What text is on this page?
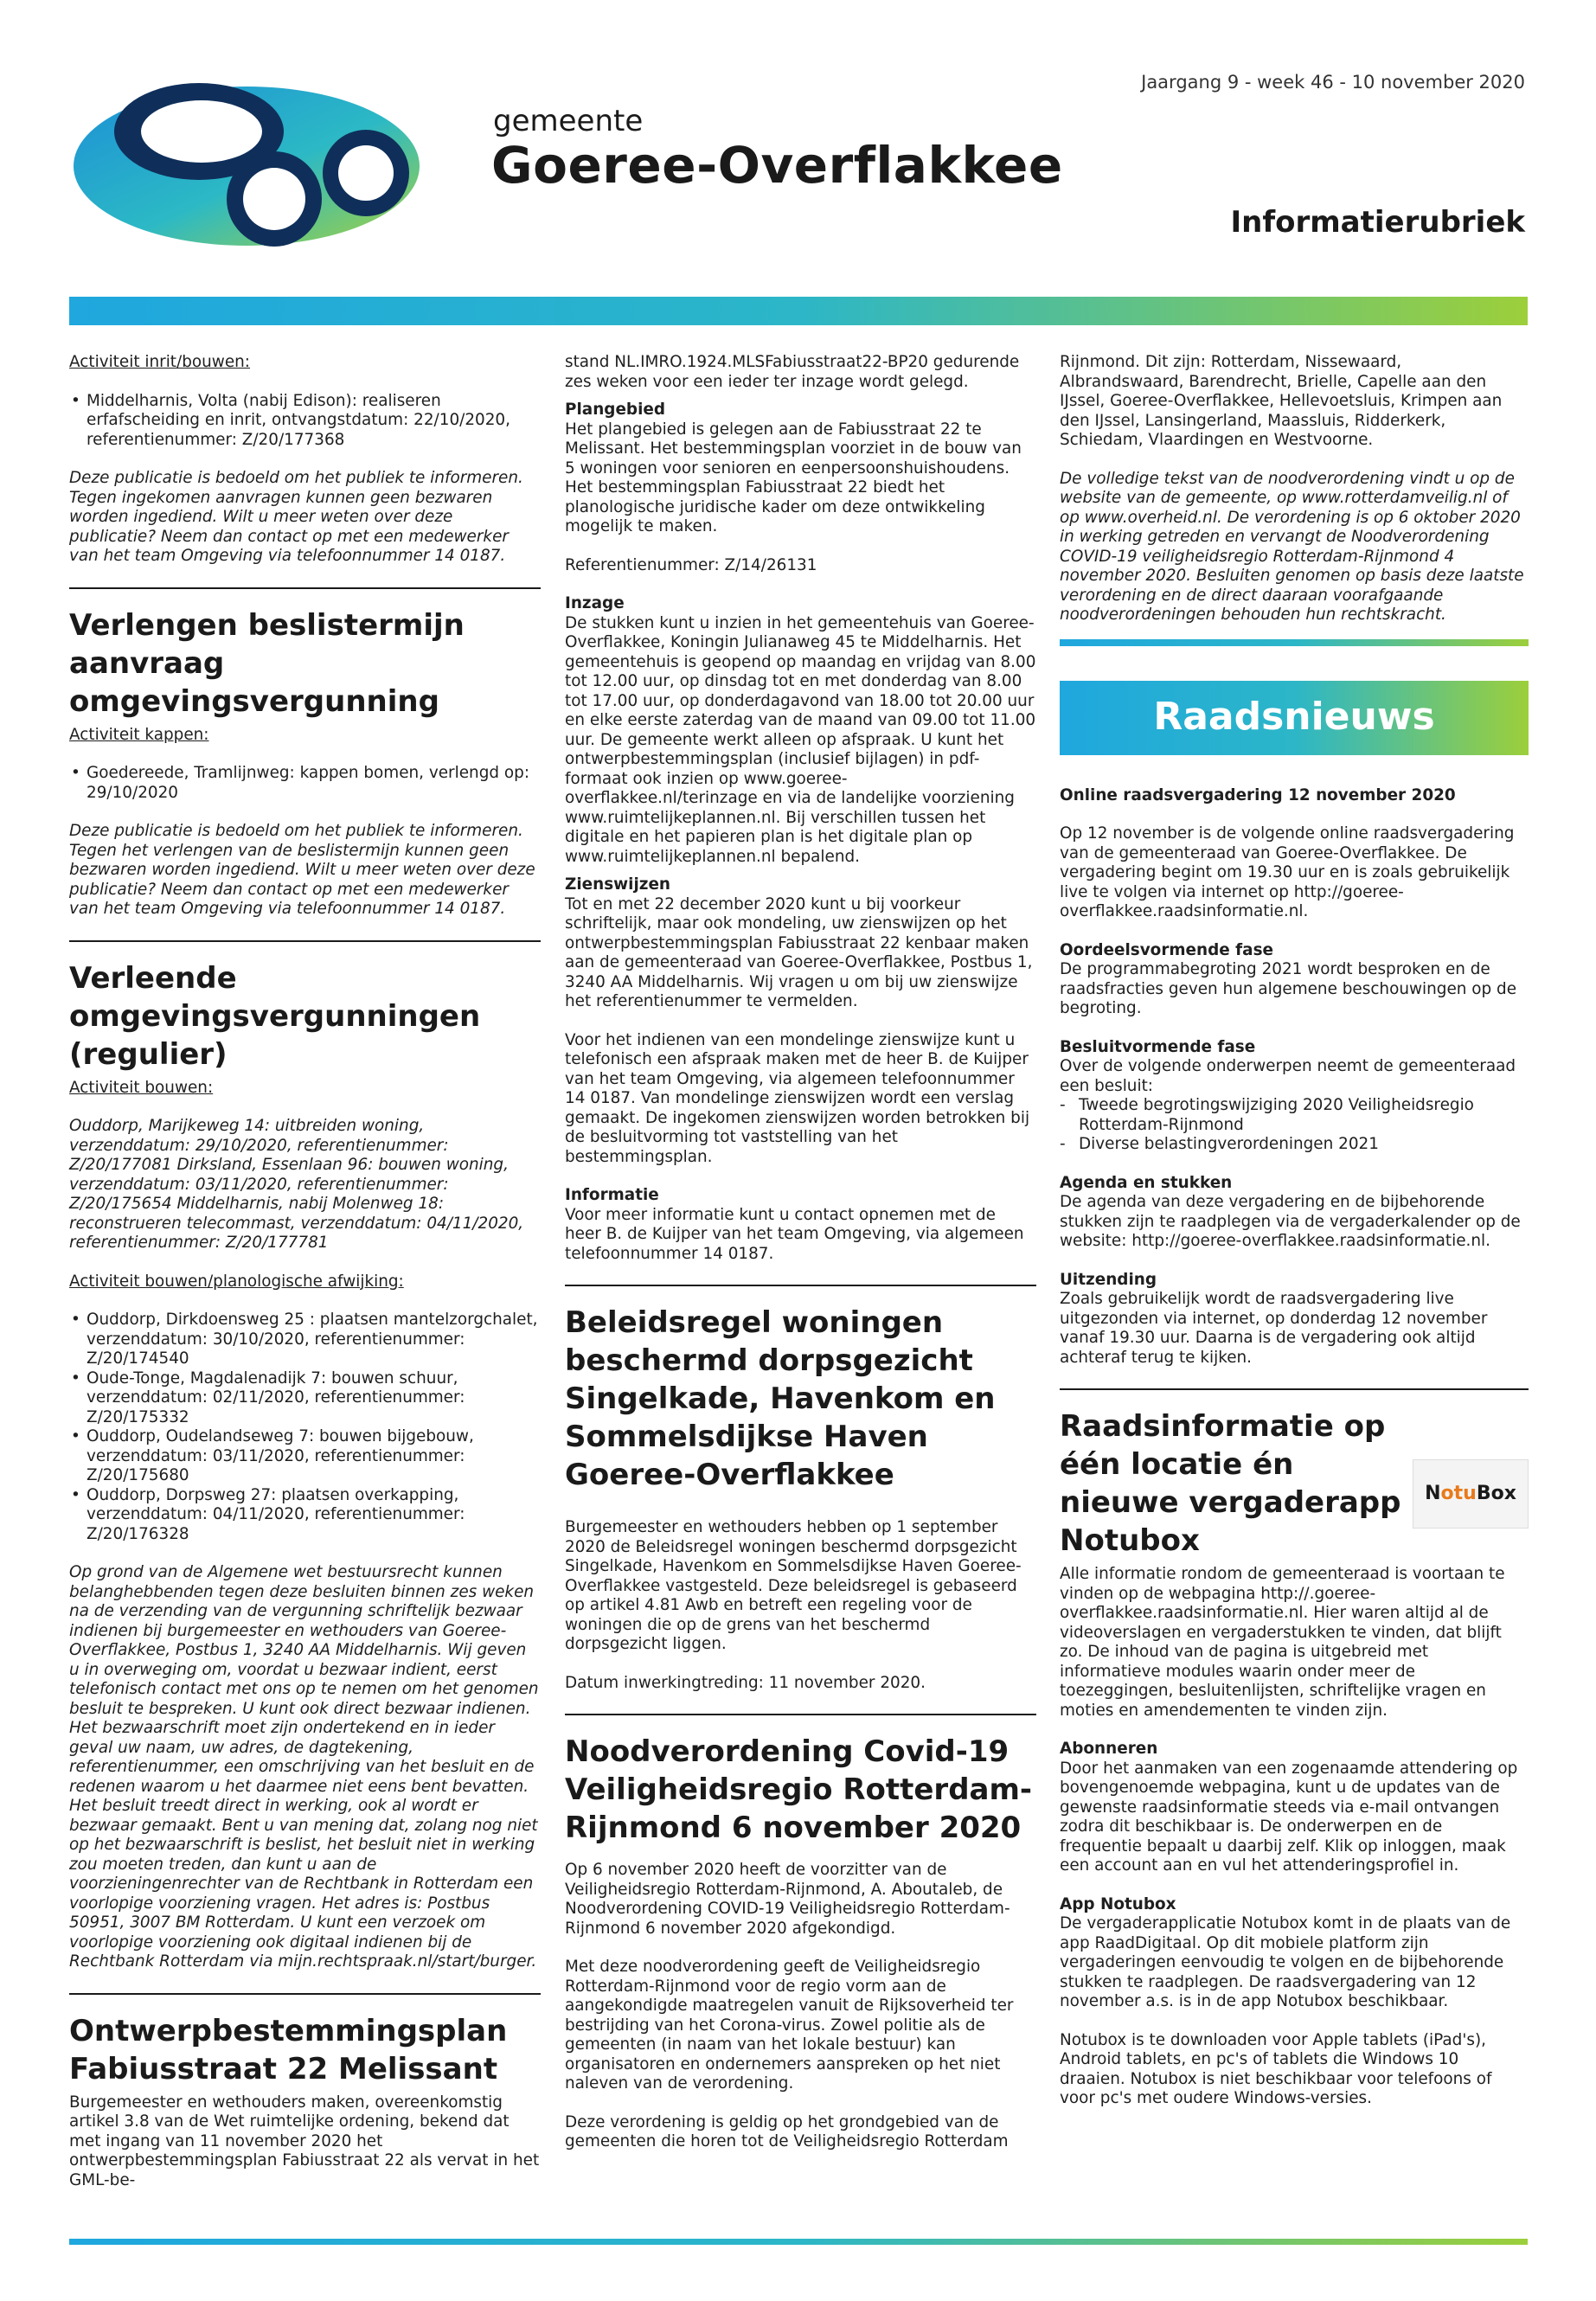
gemeente
Goeree-Overflakkee
Jaargang 9 - week 46 - 10 november 2020
Informatierubriek

Activiteit inrit/bouwen:

• Middelharnis, Volta (nabij Edison): realiseren erfafscheiding en inrit, ontvangstdatum: 22/10/2020, referentienummer: Z/20/177368

Deze publicatie is bedoeld om het publiek te informeren. Tegen ingekomen aanvragen kunnen geen bezwaren worden ingediend. Wilt u meer weten over deze publicatie? Neem dan contact op met een medewerker van het team Omgeving via telefoonnummer 14 0187.

Verlengen beslistermijn aanvraag omgevingsvergunning

Activiteit kappen:

• Goedereede, Tramlijnweg: kappen bomen, verlengd op: 29/10/2020

Deze publicatie is bedoeld om het publiek te informeren. Tegen het verlengen van de beslistermijn kunnen geen bezwaren worden ingediend. Wilt u meer weten over deze publicatie? Neem dan contact op met een medewerker van het team Omgeving via telefoonnummer 14 0187.

Verleende omgevingsvergunningen (regulier)

Activiteit bouwen:

Ouddorp, Marijkeweg 14: uitbreiden woning, verzenddatum: 29/10/2020, referentienummer: Z/20/177081 Dirksland, Essenlaan 96: bouwen woning, verzenddatum: 03/11/2020, referentienummer: Z/20/175654 Middelharnis, nabij Molenweg 18: reconstrueren telecommast, verzenddatum: 04/11/2020, referentienummer: Z/20/177781

Activiteit bouwen/planologische afwijking:

• Ouddorp, Dirkdoensweg 25 : plaatsen mantelzorgchalet, verzenddatum: 30/10/2020, referentienummer: Z/20/174540
• Oude-Tonge, Magdalenadijk 7: bouwen schuur, verzenddatum: 02/11/2020, referentienummer: Z/20/175332
• Ouddorp, Oudelandseweg 7: bouwen bijgebouw, verzenddatum: 03/11/2020, referentienummer: Z/20/175680
• Ouddorp, Dorpsweg 27: plaatsen overkapping, verzenddatum: 04/11/2020, referentienummer: Z/20/176328

Op grond van de Algemene wet bestuursrecht kunnen belanghebbenden tegen deze besluiten binnen zes weken na de verzending van de vergunning schriftelijk bezwaar indienen bij burgemeester en wethouders van Goeree-Overflakkee, Postbus 1, 3240 AA Middelharnis. Wij geven u in overweging om, voordat u bezwaar indient, eerst telefonisch contact met ons op te nemen om het genomen besluit te bespreken. U kunt ook direct bezwaar indienen. Het bezwaarschrift moet zijn ondertekend en in ieder geval uw naam, uw adres, de dagtekening, referentienummer, een omschrijving van het besluit en de redenen waarom u het daarmee niet eens bent bevatten. Het besluit treedt direct in werking, ook al wordt er bezwaar gemaakt. Bent u van mening dat, zolang nog niet op het bezwaarschrift is beslist, het besluit niet in werking zou moeten treden, dan kunt u aan de voorzieningenrechter van de Rechtbank in Rotterdam een voorlopige voorziening vragen. Het adres is: Postbus 50951, 3007 BM Rotterdam. U kunt een verzoek om voorlopige voorziening ook digitaal indienen bij de Rechtbank Rotterdam via mijn.rechtspraak.nl/start/burger.

Ontwerpbestemmingsplan Fabiusstraat 22 Melissant

Burgemeester en wethouders maken, overeenkomstig artikel 3.8 van de Wet ruimtelijke ordening, bekend dat met ingang van 11 november 2020 het ontwerpbestemmingsplan Fabiusstraat 22 als vervat in het GML-be-

stand NL.IMRO.1924.MLSFabiusstraat22-BP20 gedurende zes weken voor een ieder ter inzage wordt gelegd.

Plangebied

Het plangebied is gelegen aan de Fabiusstraat 22 te Melissant. Het bestemmingsplan voorziet in de bouw van 5 woningen voor senioren en eenpersoonshuishoudens. Het bestemmingsplan Fabiusstraat 22 biedt het planologische juridische kader om deze ontwikkeling mogelijk te maken.

Referentienummer: Z/14/26131

Inzage

De stukken kunt u inzien in het gemeentehuis van Goeree-Overflakkee, Koningin Julianaweg 45 te Middelharnis. Het gemeentehuis is geopend op maandag en vrijdag van 8.00 tot 12.00 uur, op dinsdag tot en met donderdag van 8.00 tot 17.00 uur, op donderdagavond van 18.00 tot 20.00 uur en elke eerste zaterdag van de maand van 09.00 tot 11.00 uur. De gemeente werkt alleen op afspraak. U kunt het ontwerpbestemmingsplan (inclusief bijlagen) in pdf-formaat ook inzien op www.goeree-overflakkee.nl/terinzage en via de landelijke voorziening www.ruimtelijkeplannen.nl. Bij verschillen tussen het digitale en het papieren plan is het digitale plan op www.ruimtelijkeplannen.nl bepalend.

Zienswijzen

Tot en met 22 december 2020 kunt u bij voorkeur schriftelijk, maar ook mondeling, uw zienswijzen op het ontwerpbestemmingsplan Fabiusstraat 22 kenbaar maken aan de gemeenteraad van Goeree-Overflakkee, Postbus 1, 3240 AA Middelharnis. Wij vragen u om bij uw zienswijze het referentienummer te vermelden.

Voor het indienen van een mondelinge zienswijze kunt u telefonisch een afspraak maken met de heer B. de Kuijper van het team Omgeving, via algemeen telefoonnummer 14 0187. Van mondelinge zienswijzen wordt een verslag gemaakt. De ingekomen zienswijzen worden betrokken bij de besluitvorming tot vaststelling van het bestemmingsplan.

Informatie

Voor meer informatie kunt u contact opnemen met de heer B. de Kuijper van het team Omgeving, via algemeen telefoonnummer 14 0187.

Beleidsregel woningen beschermd dorpsgezicht Singelkade, Havenkom en Sommelsdijkse Haven Goeree-Overflakkee

Burgemeester en wethouders hebben op 1 september 2020 de Beleidsregel woningen beschermd dorpsgezicht Singelkade, Havenkom en Sommelsdijkse Haven Goeree-Overflakkee vastgesteld. Deze beleidsregel is gebaseerd op artikel 4.81 Awb en betreft een regeling voor de woningen die op de grens van het beschermd dorpsgezicht liggen.

Datum inwerkingtreding: 11 november 2020.

Noodverordening Covid-19 Veiligheidsregio Rotterdam-Rijnmond 6 november 2020

Op 6 november 2020 heeft de voorzitter van de Veiligheidsregio Rotterdam-Rijnmond, A. Aboutaleb, de Noodverordening COVID-19 Veiligheidsregio Rotterdam-Rijnmond 6 november 2020 afgekondigd.

Met deze noodverordening geeft de Veiligheidsregio Rotterdam-Rijnmond voor de regio vorm aan de aangekondigde maatregelen vanuit de Rijksoverheid ter bestrijding van het Corona-virus. Zowel politie als de gemeenten (in naam van het lokale bestuur) kan organisatoren en ondernemers aanspreken op het niet naleven van de verordening.

Deze verordening is geldig op het grondgebied van de gemeenten die horen tot de Veiligheidsregio Rotterdam

Rijnmond. Dit zijn: Rotterdam, Nissewaard, Albrandswaard, Barendrecht, Brielle, Capelle aan den IJssel, Goeree-Overflakkee, Hellevoetsluis, Krimpen aan den IJssel, Lansingerland, Maassluis, Ridderkerk, Schiedam, Vlaardingen en Westvoorne.

De volledige tekst van de noodverordening vindt u op de website van de gemeente, op www.rotterdamveilig.nl of op www.overheid.nl. De verordening is op 6 oktober 2020 in werking getreden en vervangt de Noodverordening COVID-19 veiligheidsregio Rotterdam-Rijnmond 4 november 2020. Besluiten genomen op basis deze laatste verordening en de direct daaraan voorafgaande noodverordeningen behouden hun rechtskracht.

Raadsnieuws

Online raadsvergadering 12 november 2020

Op 12 november is de volgende online raadsvergadering van de gemeenteraad van Goeree-Overflakkee. De vergadering begint om 19.30 uur en is zoals gebruikelijk live te volgen via internet op http://goeree-overflakkee.raadsinformatie.nl.

Oordeelsvormende fase

De programmabegroting 2021 wordt besproken en de raadsfracties geven hun algemene beschouwingen op de begroting.

Besluitvormende fase

Over de volgende onderwerpen neemt de gemeenteraad een besluit:

- Tweede begrotingswijziging 2020 Veiligheidsregio Rotterdam-Rijnmond
- Diverse belastingverordeningen 2021

Agenda en stukken

De agenda van deze vergadering en de bijbehorende stukken zijn te raadplegen via de vergaderkalender op de website: http://goeree-overflakkee.raadsinformatie.nl.

Uitzending

Zoals gebruikelijk wordt de raadsvergadering live uitgezonden via internet, op donderdag 12 november vanaf 19.30 uur. Daarna is de vergadering ook altijd achteraf terug te kijken.

N otu Box
Raadsinformatie op één locatie én nieuwe vergaderapp Notubox

Alle informatie rondom de gemeenteraad is voortaan te vinden op de webpagina http://.goeree-overflakkee.raadsinformatie.nl. Hier waren altijd al de videoverslagen en vergaderstukken te vinden, dat blijft zo. De inhoud van de pagina is uitgebreid met informatieve modules waarin onder meer de toezeggingen, besluitenlijsten, schriftelijke vragen en moties en amendementen te vinden zijn.

Abonneren

Door het aanmaken van een zogenaamde attendering op bovengenoemde webpagina, kunt u de updates van de gewenste raadsinformatie steeds via e-mail ontvangen zodra dit beschikbaar is. De onderwerpen en de frequentie bepaalt u daarbij zelf. Klik op inloggen, maak een account aan en vul het attenderingsprofiel in.

App Notubox

De vergaderapplicatie Notubox komt in de plaats van de app RaadDigitaal. Op dit mobiele platform zijn vergaderingen eenvoudig te volgen en de bijbehorende stukken te raadplegen. De raadsvergadering van 12 november a.s. is in de app Notubox beschikbaar.

Notubox is te downloaden voor Apple tablets (iPad's), Android tablets, en pc's of tablets die Windows 10 draaien. Notubox is niet beschikbaar voor telefoons of voor pc's met oudere Windows-versies.
